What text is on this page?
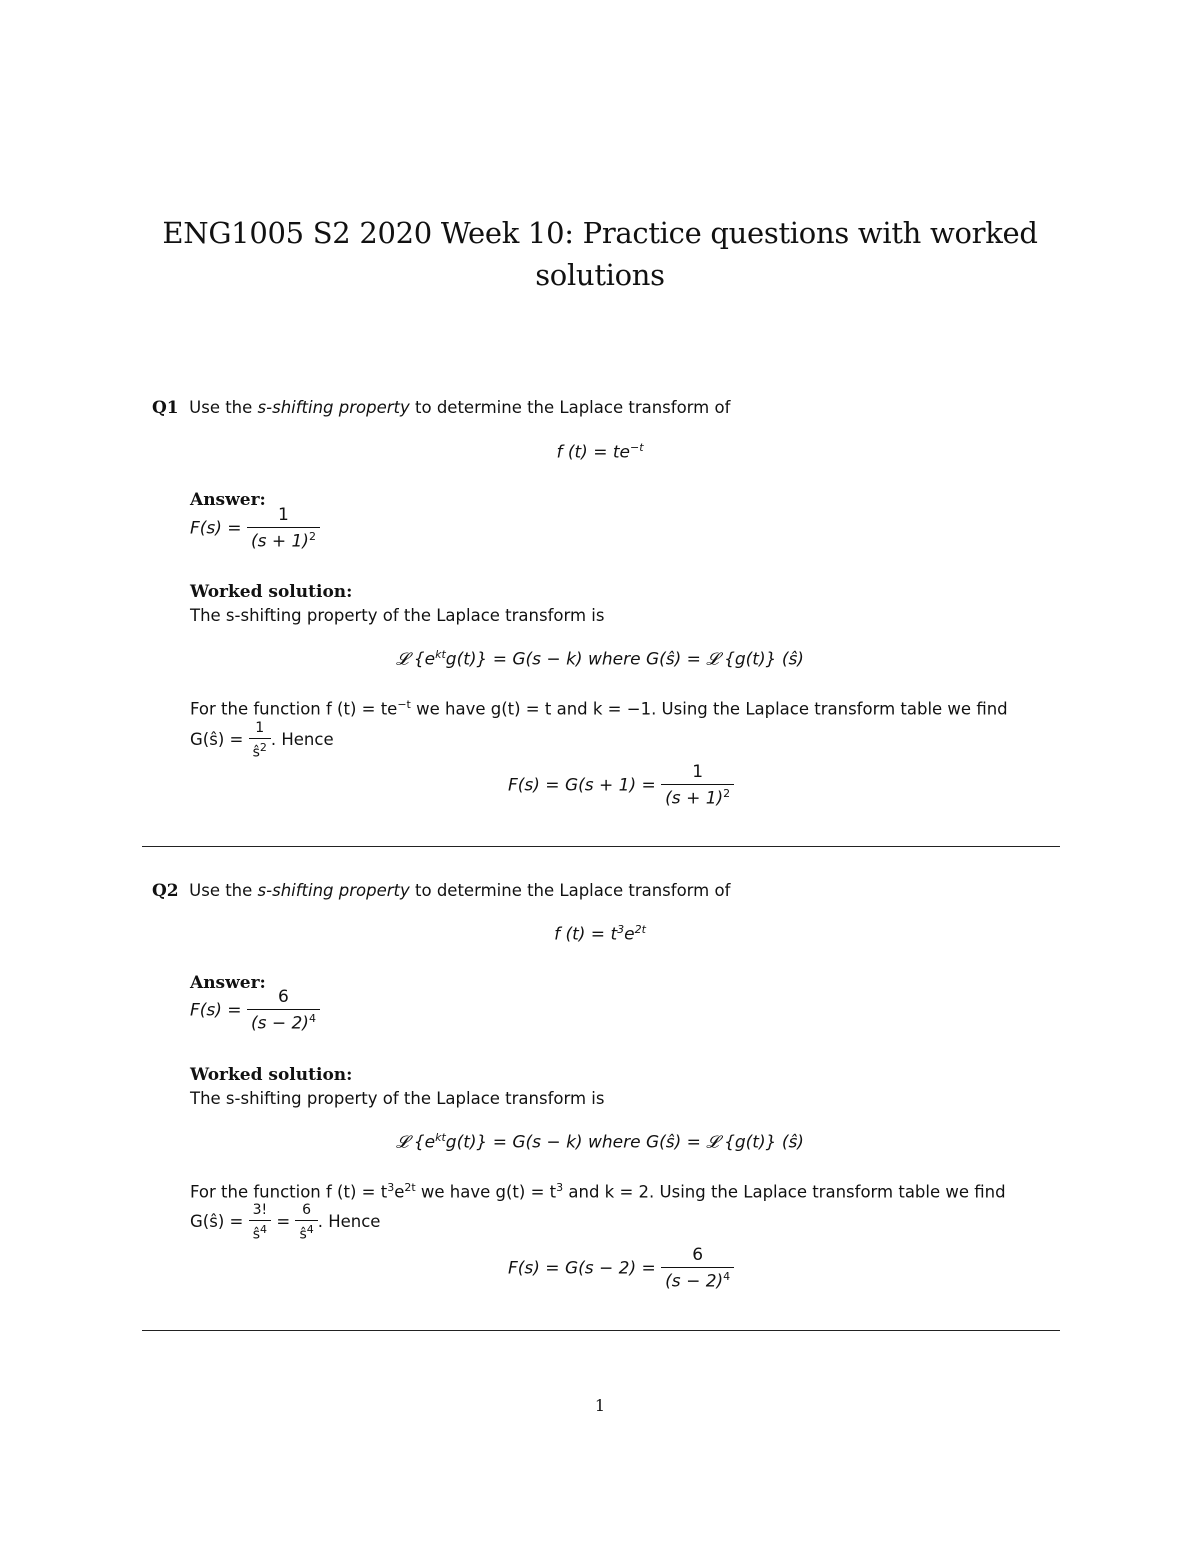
ENG1005 S2 2020 Week 10: Practice questions with worked solutions
Q1 Use the s-shifting property to determine the Laplace transform of
f $(t) = te^{-t}$
Answer:
$F(s) = \frac{1}{(s + 1)^2}$
Worked solution:
The s-shifting property of the Laplace transform is
𝓛 $\{e^{kt}g(t)\} = G(s - k)$ where G(ŝ) = 𝓛 {g(t)} (ŝ)
For the function f $(t) = te^{-t}$ we have g(t) = t and k = −1. Using the Laplace transform table we find
G(ŝ) = $\frac{1}{ŝ^2}$ . Hence
$F(s) = G(s + 1) = \frac{1}{(s + 1)^2}$
Q2 Use the s-shifting property to determine the Laplace transform of
f $(t) = t^3e^{2t}$
Answer:
$F(s) = \frac{6}{(s - 2)^4}$
Worked solution:
The s-shifting property of the Laplace transform is
𝓛 $\{e^{kt}g(t)\} = G(s - k)$ where G(ŝ) = 𝓛 {g(t)} (ŝ)
For the function f $(t) = t^3e^{2t}$ we have $g(t) = t^3$ and k = 2. Using the Laplace transform table we find
G(ŝ) = $\frac{3!}{ŝ^4} = \frac{6}{ŝ^4}$ . Hence
$F(s) = G(s - 2) = \frac{6}{(s - 2)^4}$
1
